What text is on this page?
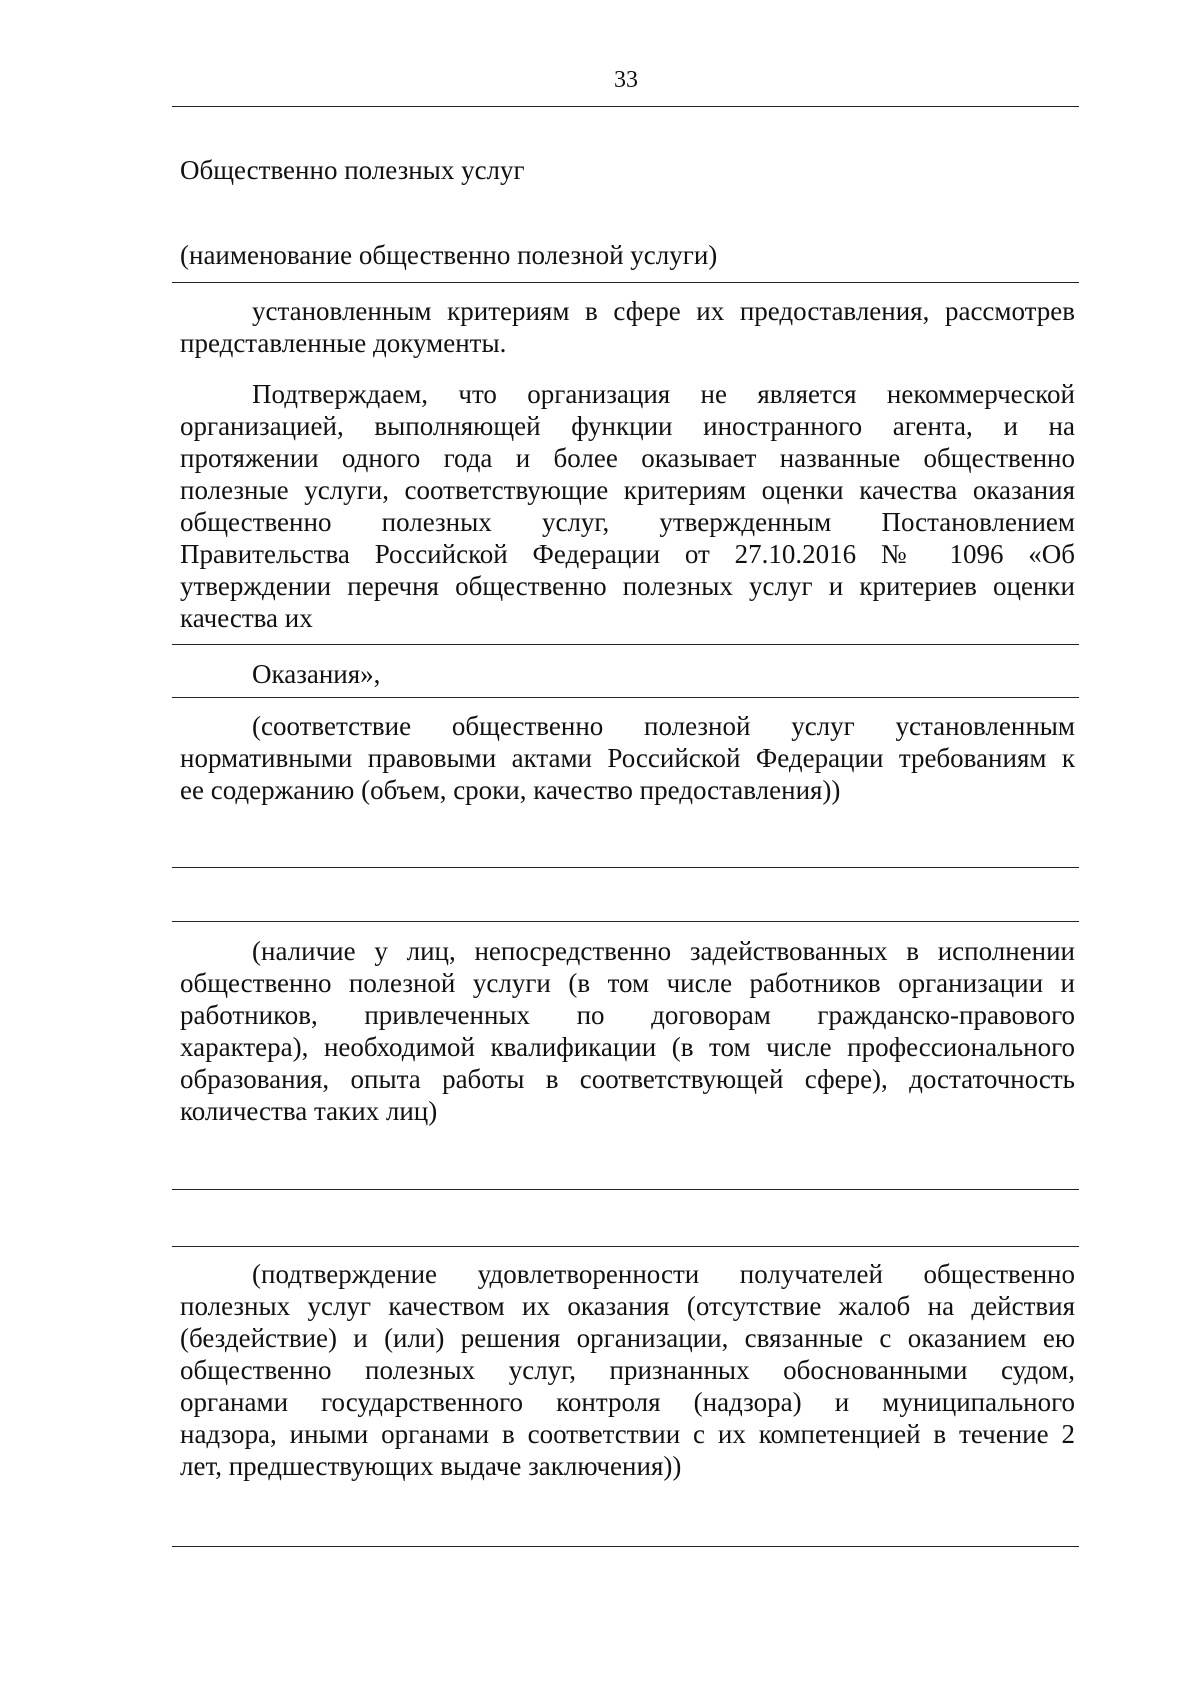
33
Общественно полезных услуг
(наименование общественно полезной услуги)
установленным критериям в сфере их предоставления, рассмотрев
представленные документы.
Подтверждаем, что организация не является некоммерческой
организацией, выполняющей функции иностранного агента, и на
протяжении одного года и более оказывает названные общественно
полезные услуги, соответствующие критериям оценки качества оказания
общественно полезных услуг, утвержденным Постановлением
Правительства Российской Федерации от 27.10.2016 № 1096 «Об
утверждении перечня общественно полезных услуг и критериев оценки
качества их
Оказания»,
(соответствие общественно полезной услуг установленным
нормативными правовыми актами Российской Федерации требованиям к
ее содержанию (объем, сроки, качество предоставления))
(наличие у лиц, непосредственно задействованных в исполнении
общественно полезной услуги (в том числе работников организации и
работников, привлеченных по договорам гражданско-правового
характера), необходимой квалификации (в том числе профессионального
образования, опыта работы в соответствующей сфере), достаточность
количества таких лиц)
(подтверждение удовлетворенности получателей общественно
полезных услуг качеством их оказания (отсутствие жалоб на действия
(бездействие) и (или) решения организации, связанные с оказанием ею
общественно полезных услуг, признанных обоснованными судом,
органами государственного контроля (надзора) и муниципального
надзора, иными органами в соответствии с их компетенцией в течение 2
лет, предшествующих выдаче заключения))
